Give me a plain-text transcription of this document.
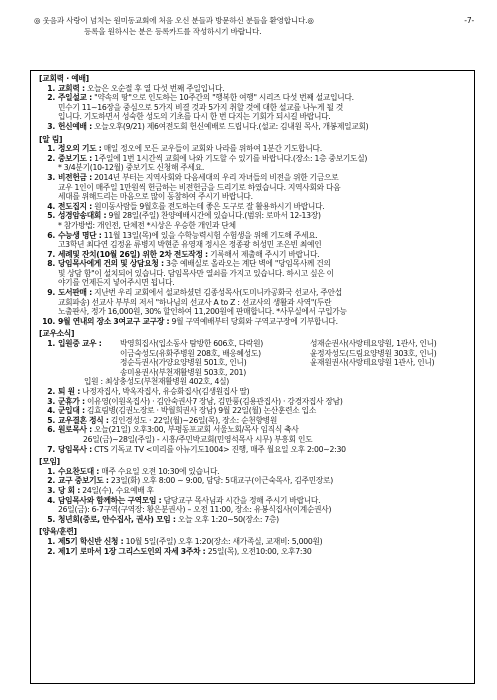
◎ 웃음과 사랑이 넘치는 원미동교회에 처음 오신 분들과 방문하신 분들을 환영합니다.◎	-7-
등록을 원하시는 분은 등록카드를 작성하시기 바랍니다.
[교회력 · 예배]
1. 교회력 : 오늘은 오순절 후 열 다섯 번째 주일입니다.
2. 주일설교 : "약속의 땅"으로 인도하는 10주간의 "행복한 여행" 시리즈 다섯 번째 설교입니다.
민수기 11~16장을 중심으로 5가지 비결 것과 5가지 취할 것에 대한 설교를 나누게 될 것
입니다. 기도하면서 성숙한 성도의 기초를 다시 한 번 다지는 기회가 되시길 바랍니다.
3. 헌신예배 : 오늘오후(9/21) 제6여전도회 헌신예배로 드립니다.(설교: 김내원 목사, 개봉제일교회)
[알 림]
1. 정오의 기도 : 매일 정오에 모든 교우들이 교회와 나라를 위하여 1분간 기도합니다.
2. 중보기도 : 1주일에 1번 1시간씩 교회에 나와 기도할 수 있기를 바랍니다.(장소: 1층 중보기도실)
* 3/4분기(10-12월) 중보기도 신청해 주세요.
3. 비전헌금 : 2014년 부터는 지역사회와 다음세대의 우리 자녀들의 비전을 위한 기금으로
교우 1인이 매주일 1만원씩 헌금하는 비전헌금을 드리기로 하였습니다. 지역사회와 다음
세대를 위해드리는 마음으로 많이 동참하여 주시기 바랍니다.
4. 전도집지 : 원미동사람들 9월호를 전도하는데 좋은 도구로 잘 활용하시기 바랍니다.
5. 성경암송대회 : 9월 28일(주일) 찬양예배시간에 있습니다.(범위: 로마서 12-13장)
* 참가방법: 개인전, 단체전 *시상은 우승한 개인과 단체
6. 수능생 명단 : 11월 13일(목)에 있을 수학능력시험 수험생을 위해 기도해 주세요.
고3학년 최다연 김정윤 류병지 박현준 유영재 정시은 정종광 허성민 조은빈 최예인
7. 세례및 잔치(10월 26일) 위한 2차 전도작정 : 기록해서 제출해 주시기 바랍니다.
8. 당임목사에게 건의 및 상담요청 : 3층 예배실로 올라오는 계단 벽에 "당임목사께 건의
및 상담 함"이 설치되어 있습니다. 담임목사만 열쇠를 가지고 있습니다. 하시고 싶은 이
야기를 언제든지 넣어주시면 됩니다.
9. 도서판매 : 지난번 우리 교회에서 설교하셨던 김종성목사(도미니카공화국 선교사, 주안섭
교회파송) 선교사 부부의 저서 "하나님의 선교사 A to Z : 선교사의 생활과 사역"(두란
노출판사, 정가 16,000원, 30% 할인하여 11,200원에 판매합니다. *사무실에서 구입가능
10. 9월 연내의 장소 3여교구 교구장 : 9월 구역예배부터 당회와 구역교구장에 기부합니다.
[교우소식]
1. 입원중 교우 :	박영희집사(입소동사 탐방한 606호, 다락원)	성재순권사(사랑테요양원, 1관사, 인니)
이금숙성도(유화주병원 208호, 배응혜성도)	윤정자성도(드림요양병원 303호, 인니)
정순득권사(가양요양병원 501호, 인니)	윤재원권사(사랑테요양원 1관사, 인니)
송미용권사(부천재활병원 503호, 201)
입원 : 최상충성도(부천재활병원 402호, 4실)
2. 퇴 원 : 나정자집사, 박옥자집사, 유승화집사(김생원집사 딸)
3. 군휴가 : 이유영(이원옥집사) · 김안숙권사7 장남, 김만풍(김용관집사) · 강경자집사 장남)
4. 군입대 : 김효림병(김권노장로 · 박월희권사 장남) 9월 22일(월) 논산훈련소 입소
5. 교우결혼 정식 : 김인경성도 · 22일(월)~26일(목), 장소: 순천향병원
6. 원로목사 : 오늘(21일) 오후3:00, 부평동포교회 서울노회/목사 임직식 축사
26일(금)~28일(주일) - 시흥/주민박교회(민영석목사 시무) 부흥회 인도
7. 당임목사 : CTS 기독교 TV <미리를 아뉴기도1004> 진행, 매주 월요일 오후 2:00~2:30
[모임]
1. 수요찬도대 : 매주 수요일 오전 10:30에 있습니다.
2. 교구 중보기도 : 23일(화) 오후 8:00 ~ 9:00, 담당: 5대교구(이근숙목사, 김주민장로)
3. 당 회 : 24일(수), 수요예배 후
4. 담임목사와 함께하는 구역모임 : 담당교구 목사님과 시간을 정해 주시기 바랍니다.
26일(금): 6-7구역(구역장: 황은분권사) – 오전 11:00, 장소: 유봉식집사(이계순권사)
5. 청년회(중로, 안수집사, 권사) 모임 : 오늘 오후 1:20~50(장소: 7층)
[양육/훈련]
1. 제5기 학신반 신청 : 10월 5일(주일) 오후 1:20(장소: 새가족실, 교재비: 5,000원)
2. 제1기 로마서 1장 그리스도인의 자세 3주차 : 25일(목), 오전10:00, 오후7:30
